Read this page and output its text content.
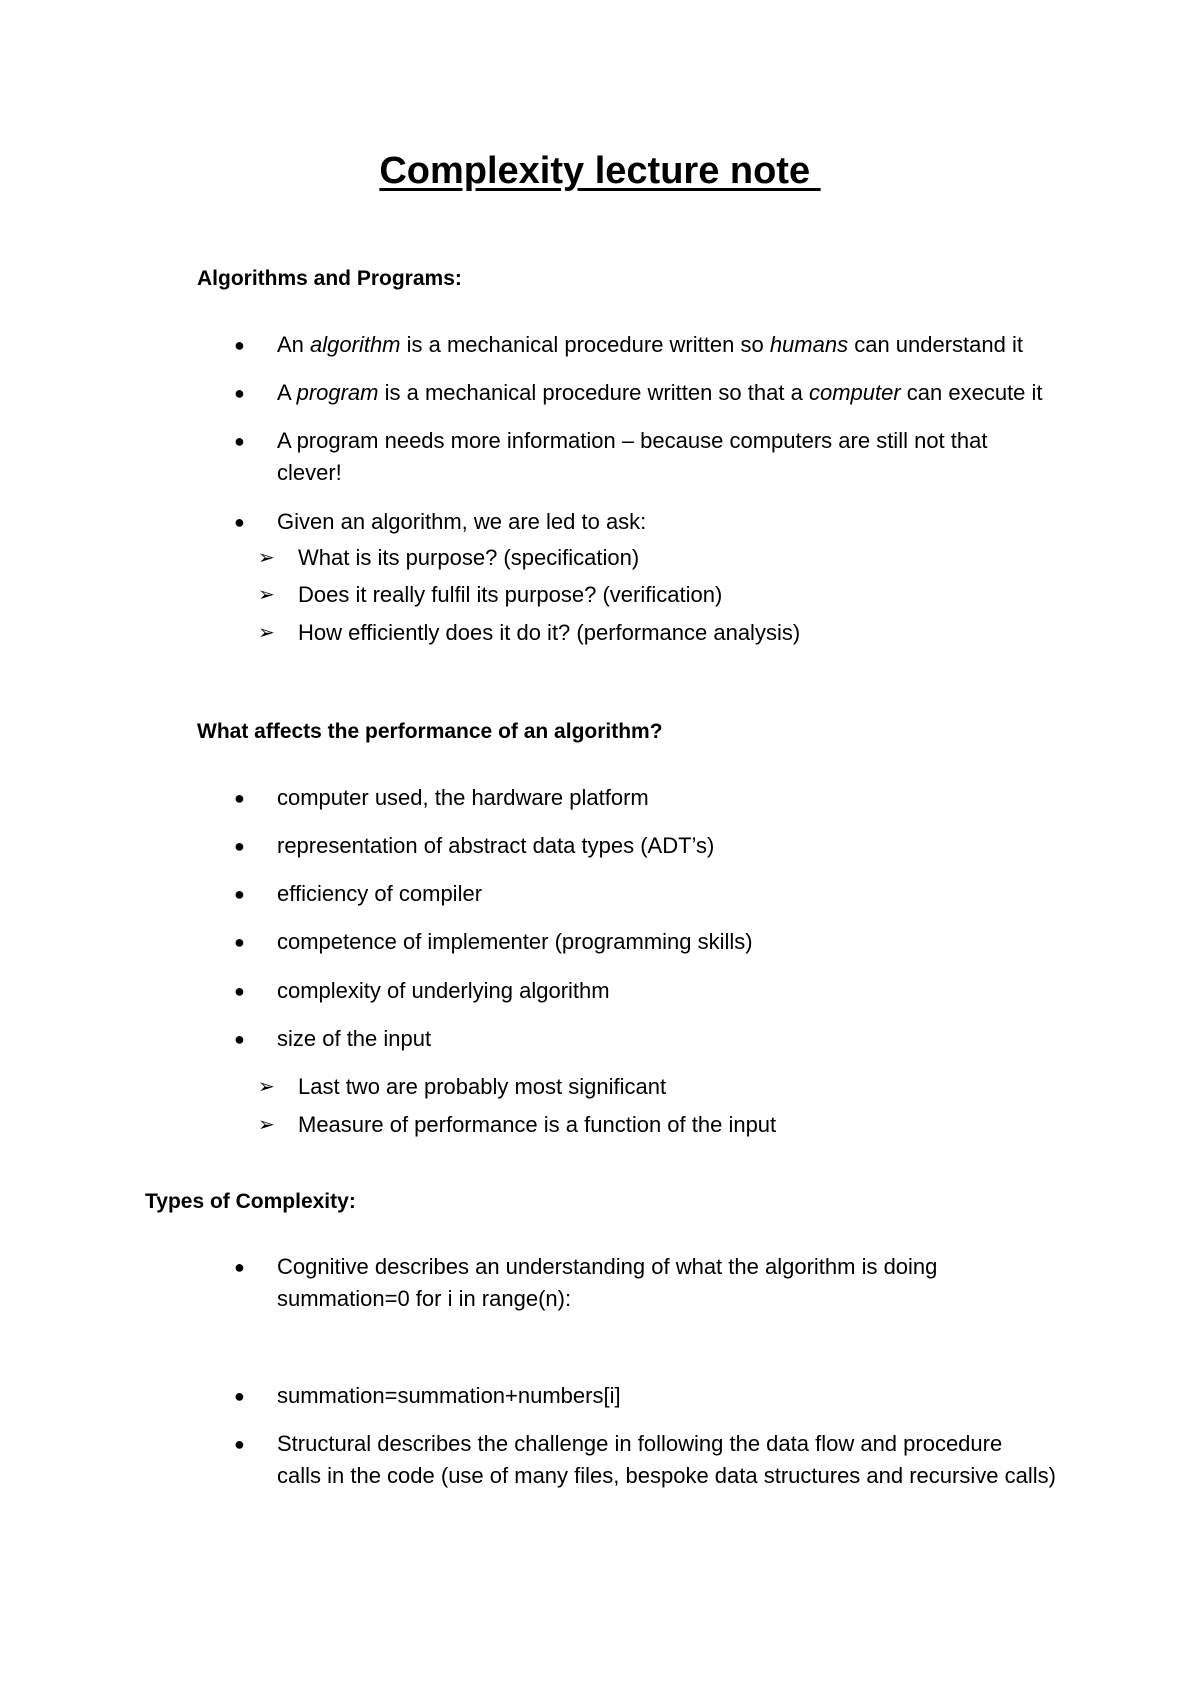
Complexity lecture note
Algorithms and Programs:
● An algorithm is a mechanical procedure written so humans can understand it
● A program is a mechanical procedure written so that a computer can execute it
● A program needs more information – because computers are still not that
clever!
● Given an algorithm, we are led to ask:
➢ What is its purpose? (specification)
➢ Does it really fulfil its purpose? (verification)
➢ How efficiently does it do it? (performance analysis)
What affects the performance of an algorithm?
● computer used, the hardware platform
● representation of abstract data types (ADT’s)
● efficiency of compiler
● competence of implementer (programming skills)
● complexity of underlying algorithm
● size of the input
➢ Last two are probably most significant
➢ Measure of performance is a function of the input
Types of Complexity:
● Cognitive describes an understanding of what the algorithm is doing
summation=0 for i in range(n):
● summation=summation+numbers[i]
● Structural describes the challenge in following the data flow and procedure
calls in the code (use of many files, bespoke data structures and recursive calls)
